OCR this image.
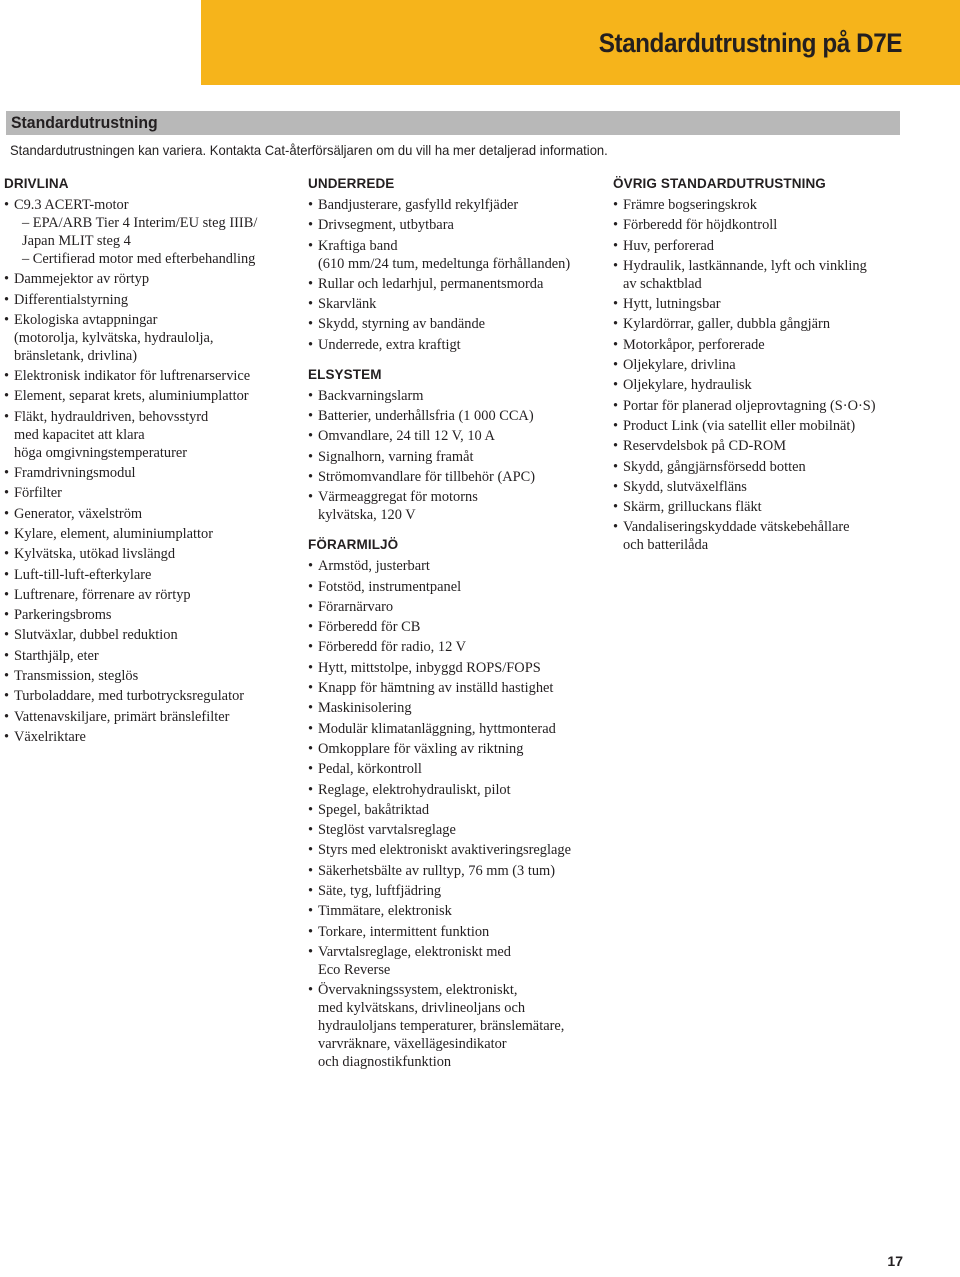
Standardutrustning på D7E
Standardutrustning
Standardutrustningen kan variera. Kontakta Cat-återförsäljaren om du vill ha mer detaljerad information.
DRIVLINA
• C9.3 ACERT-motor
– EPA/ARB Tier 4 Interim/EU steg IIIB/
Japan MLIT steg 4
– Certifierad motor med efterbehandling
• Dammejektor av rörtyp
• Differentialstyrning
• Ekologiska avtappningar
(motorolja, kylvätska, hydraulolja,
bränsletank, drivlina)
• Elektronisk indikator för luftrenarservice
• Element, separat krets, aluminiumplattor
• Fläkt, hydrauldriven, behovsstyrd
med kapacitet att klara
höga omgivningstemperaturer
• Framdrivningsmodul
• Förfilter
• Generator, växelström
• Kylare, element, aluminiumplattor
• Kylvätska, utökad livslängd
• Luft-till-luft-efterkylare
• Luftrenare, förrenare av rörtyp
• Parkeringsbroms
• Slutväxlar, dubbel reduktion
• Starthjälp, eter
• Transmission, steglös
• Turboladdare, med turbotrycksregulator
• Vattenavskiljare, primärt bränslefilter
• Växelriktare
UNDERREDE
• Bandjusterare, gasfylld rekylfjäder
• Drivsegment, utbytbara
• Kraftiga band
(610 mm/24 tum, medeltunga förhållanden)
• Rullar och ledarhjul, permanentsmorda
• Skarvlänk
• Skydd, styrning av bandände
• Underrede, extra kraftigt
ELSYSTEM
• Backvarningslarm
• Batterier, underhållsfria (1 000 CCA)
• Omvandlare, 24 till 12 V, 10 A
• Signalhorn, varning framåt
• Strömomvandlare för tillbehör (APC)
• Värmeaggregat för motorns
kylvätska, 120 V
FÖRARMILJÖ
• Armstöd, justerbart
• Fotstöd, instrumentpanel
• Förarnärvaro
• Förberedd för CB
• Förberedd för radio, 12 V
• Hytt, mittstolpe, inbyggd ROPS/FOPS
• Knapp för hämtning av inställd hastighet
• Maskinisolering
• Modulär klimatanläggning, hyttmonterad
• Omkopplare för växling av riktning
• Pedal, körkontroll
• Reglage, elektrohydrauliskt, pilot
• Spegel, bakåtriktad
• Steglöst varvtalsreglage
• Styrs med elektroniskt avaktiveringsreglage
• Säkerhetsbälte av rulltyp, 76 mm (3 tum)
• Säte, tyg, luftfjädring
• Timmätare, elektronisk
• Torkare, intermittent funktion
• Varvtalsreglage, elektroniskt med
Eco Reverse
• Övervakningssystem, elektroniskt,
med kylvätskans, drivlineoljans och
hydrauloljans temperaturer, bränslemätare,
varvräknare, växellägesindikator
och diagnostikfunktion
ÖVRIG STANDARDUTRUSTNING
• Främre bogseringskrok
• Förberedd för höjdkontroll
• Huv, perforerad
• Hydraulik, lastkännande, lyft och vinkling
av schaktblad
• Hytt, lutningsbar
• Kylardörrar, galler, dubbla gångjärn
• Motorkåpor, perforerade
• Oljekylare, drivlina
• Oljekylare, hydraulisk
• Portar för planerad oljeprovtagning (S·O·S)
• Product Link (via satellit eller mobilnät)
• Reservdelsbok på CD-ROM
• Skydd, gångjärnsförsedd botten
• Skydd, slutväxelfläns
• Skärm, grilluckans fläkt
• Vandaliseringskyddade vätskebehållare
och batterilåda
17
